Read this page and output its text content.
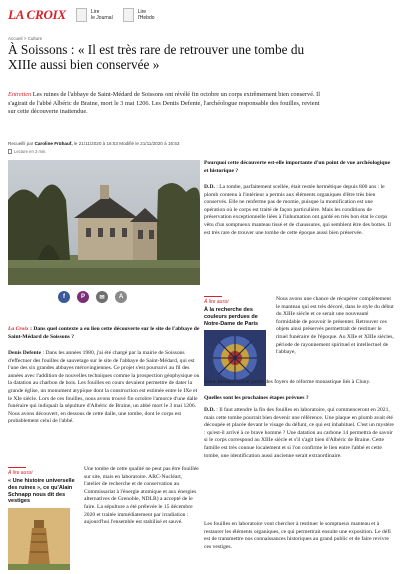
LA CROIX	Lire
le Journal
Lire
l'Hebdo
Accueil > Culture
À Soissons : « Il est très rare de retrouver une tombe du XIIIe aussi bien conservée »

Entretien Les ruines de l'abbaye de Saint-Médard de Soissons ont révélé fin octobre un corps extrêmement bien conservé. Il s'agirait de l'abbé Albéric de Braine, mort le 3 mai 1206. Les Dentis Defente, l'archéologue responsable des fouilles, revient sur cette découverte inattendue.

Recueilli par Caroline Frühauf, le 21/11/2020 à 16:53 Modifié le 21/11/2020 à 16:53
Lecture en 3 min.
f	P	✉	A

La Croix : Dans quel contexte a eu lieu cette découverte sur le site de l'abbaye de Saint-Médard de Soissons ?

Denis Defente : Dans les années 1980, j'ai été chargé par la mairie de Soissons d'effectuer des fouilles de sauvetage sur le site de l'abbaye de Saint-Médard, qui est l'une des six grandes abbayes mérovingiennes. Ce projet s'est poursuivi au fil des années avec l'addition de nouvelles techniques comme la prospection géophysique ou la datation au charbon de bois. Les fouilles en cours devaient permettre de dater la grande église, un monument atypique dont la construction est estimée entre le IXe et le XIe siècle. Lors de ces fouilles, nous avons trouvé fin octobre l'amorce d'une dalle funéraire qui indiquait la sépulture d'Albéric de Braine, un abbé mort le 3 mai 1206. Nous avons découvert, en dessous de cette dalle, une tombe, dont le corps est probablement celui de l'abbé.

À lire aussi
« Une histoire universelle des ruines », ce qu'Alain Schnapp nous dit des vestiges

Une tombe de cette qualité ne peut pas être fouillée sur site, mais en laboratoire. ARC-Nucléart, l'atelier de recherche et de conservation au Commissariat à l'énergie atomique et aux énergies alternatives de Grenoble, NDLR) a accepté de le faire. La sépulture a été prélevée le 15 décembre 2020 et traitée immédiatement par irradiation : aujourd'hui l'ensemble est stabilisé et sauvé.

Pourquoi cette découverte est-elle importante d'un point de vue archéologique et historique ?

D.D. : La tombe, parfaitement scellée, était restée hermétique depuis 800 ans : le plomb contenu à l'intérieur a permis aux éléments organiques d'être très bien conservés. Elle ne renferme pas de momie, puisque la momification est une opération où le corps est traité de façon particulière. Mais les conditions de préservation exceptionnelle liées à l'inhumation ont gardé en très bon état le corps vêtu d'un somptueux manteau tissé et de chaussures, qui semblent être des bottes. Il est très rare de trouver une tombe de cette époque aussi bien préservée.

À lire aussi
À la recherche des couleurs perdues de Notre-Dame de Paris

Nous avons une chance de récupérer complètement le manteau qui est très décoré, dans le style du début du XIIIe siècle et ce serait une nouveauté formidable de pouvoir le présenter. Retrouver ces objets ainsi préservés permettrait de restituer le rituel funéraire de l'époque. Au XIIe et XIIIe siècles, période de rayonnement spirituel et intellectuel de l'abbaye,

Saint-Médard faisait partie des foyers de réforme monastique liés à Cluny.

Quelles sont les prochaines étapes prévues ?

D.D. : Il faut attendre la fin des fouilles en laboratoire, qui commenceront en 2021, mais cette tombe pourrait bien devenir une référence. Une plaque en plomb avait été découpée et placée devant le visage du défunt, ce qui est inhabituel. C'est un mystère : qu'est-il arrivé à ce brave homme ? Une datation au carbone 14 permettra de savoir si le corps correspond au XIIIe siècle et s'il s'agit bien d'Albéric de Braine. Cette famille est très connue localement et si l'on confirme le lien entre l'abbé et cette tombe, une identification aussi ancienne serait extraordinaire.

Les fouilles en laboratoire vont chercher à restituer le somptueux manteau et à restaurer les éléments organiques, ce qui permettrait ensuite une exposition. Le défi est de transmettre nos connaissances historiques au grand public et de faire revivre ces vestiges.
